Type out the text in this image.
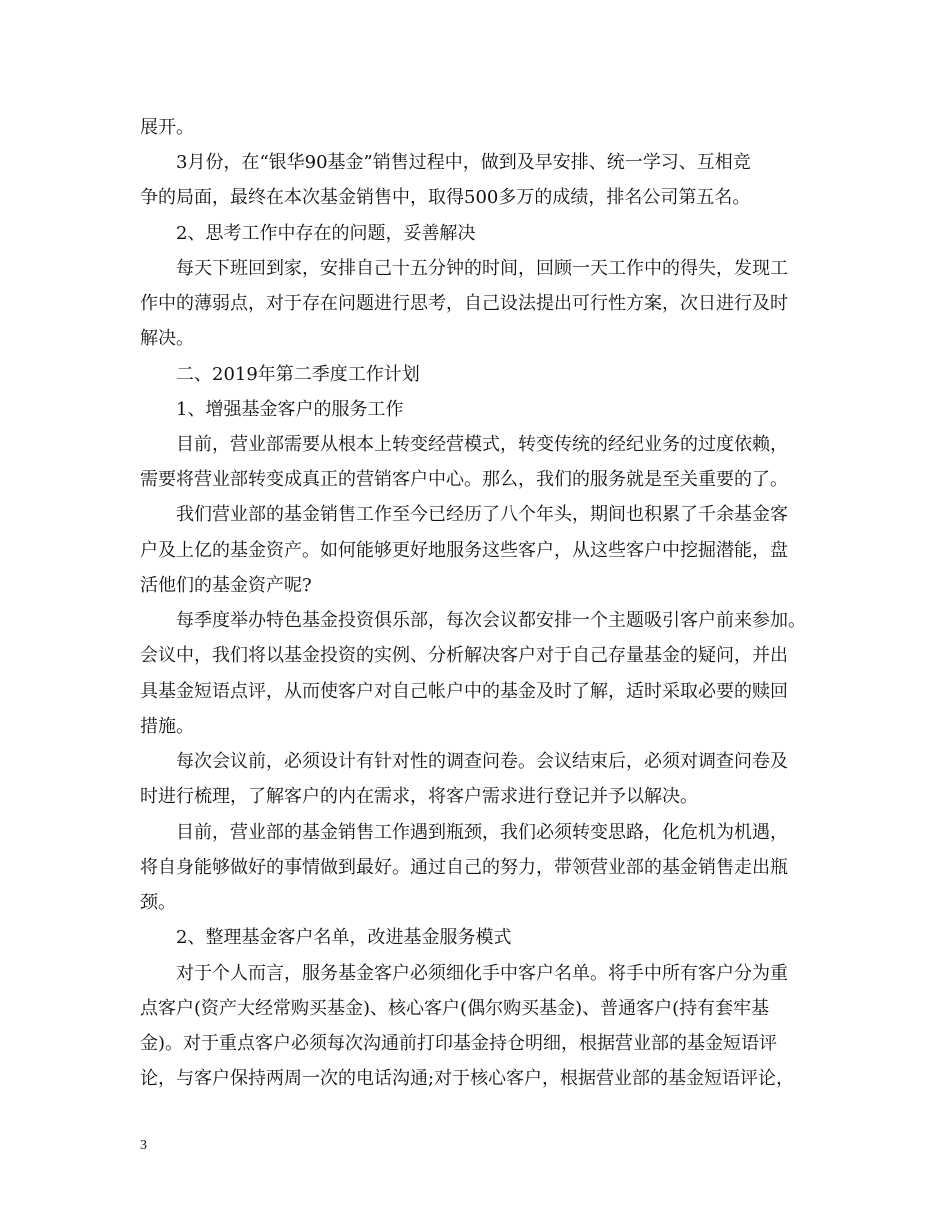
展开。
3月份，在“银华90基金”销售过程中，做到及早安排、统一学习、互相竞
争的局面，最终在本次基金销售中，取得500多万的成绩，排名公司第五名。
2、思考工作中存在的问题，妥善解决
每天下班回到家，安排自己十五分钟的时间，回顾一天工作中的得失，发现工
作中的薄弱点，对于存在问题进行思考，自己设法提出可行性方案，次日进行及时
解决。
二、2019年第二季度工作计划
1、增强基金客户的服务工作
目前，营业部需要从根本上转变经营模式，转变传统的经纪业务的过度依赖，
需要将营业部转变成真正的营销客户中心。那么，我们的服务就是至关重要的了。
我们营业部的基金销售工作至今已经历了八个年头，期间也积累了千余基金客
户及上亿的基金资产。如何能够更好地服务这些客户，从这些客户中挖掘潜能，盘
活他们的基金资产呢?
每季度举办特色基金投资俱乐部，每次会议都安排一个主题吸引客户前来参加。
会议中，我们将以基金投资的实例、分析解决客户对于自己存量基金的疑问，并出
具基金短语点评，从而使客户对自己帐户中的基金及时了解，适时采取必要的赎回
措施。
每次会议前，必须设计有针对性的调查问卷。会议结束后，必须对调查问卷及
时进行梳理，了解客户的内在需求，将客户需求进行登记并予以解决。
目前，营业部的基金销售工作遇到瓶颈，我们必须转变思路，化危机为机遇，
将自身能够做好的事情做到最好。通过自己的努力，带领营业部的基金销售走出瓶
颈。
2、整理基金客户名单，改进基金服务模式
对于个人而言，服务基金客户必须细化手中客户名单。将手中所有客户分为重
点客户(资产大经常购买基金)、核心客户(偶尔购买基金)、普通客户(持有套牢基
金)。对于重点客户必须每次沟通前打印基金持仓明细，根据营业部的基金短语评
论，与客户保持两周一次的电话沟通;对于核心客户，根据营业部的基金短语评论，
3
